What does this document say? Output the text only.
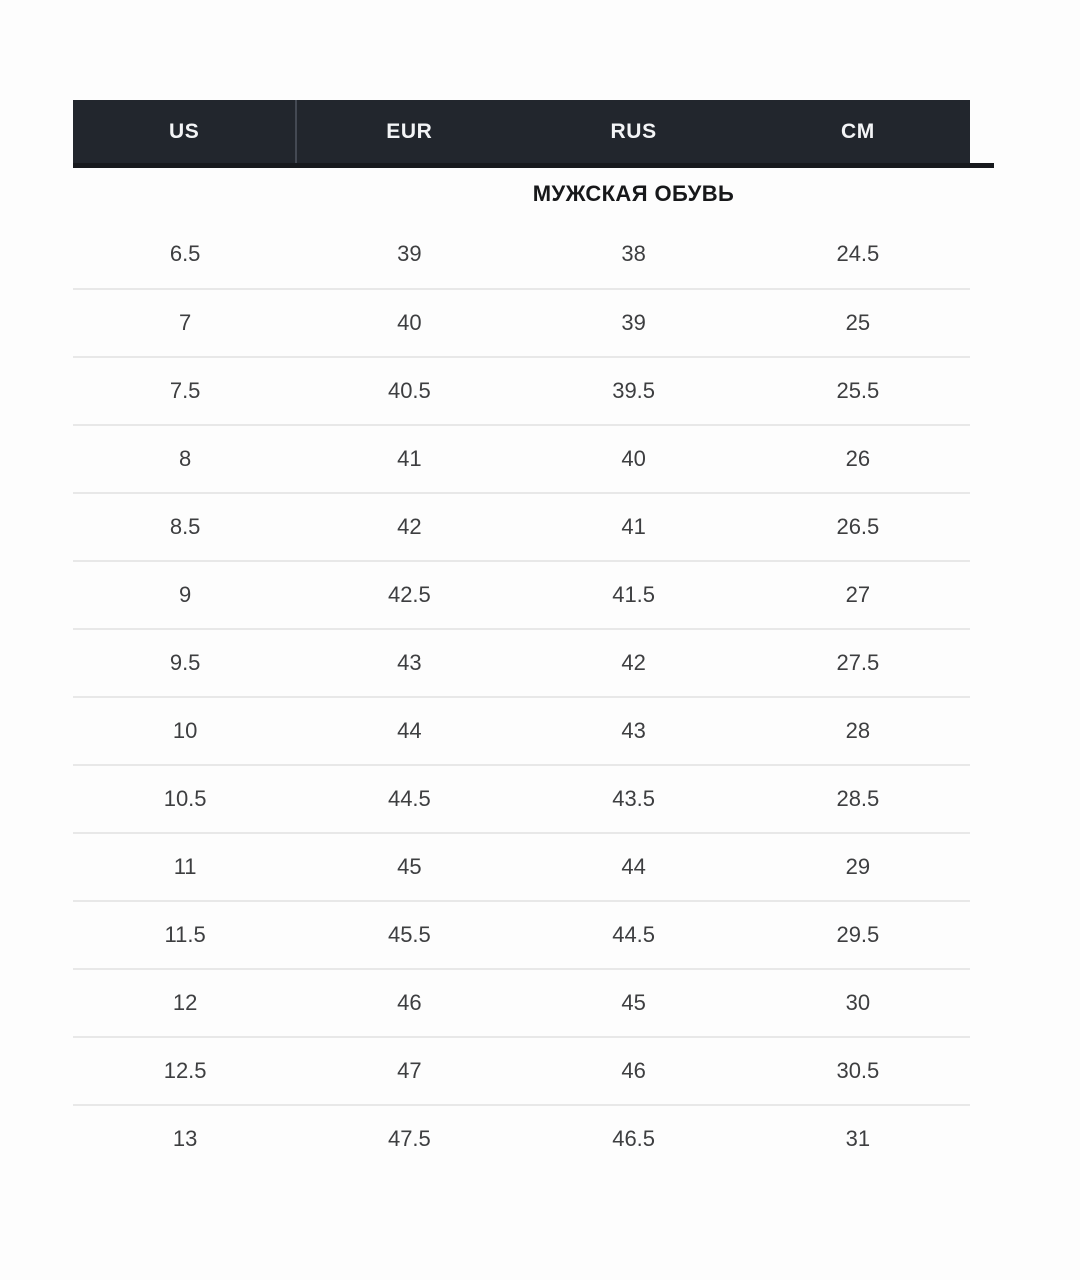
US	EUR	RUS	CM
МУЖСКАЯ ОБУВЬ
6.5	39	38	24.5
7	40	39	25
7.5	40.5	39.5	25.5
8	41	40	26
8.5	42	41	26.5
9	42.5	41.5	27
9.5	43	42	27.5
10	44	43	28
10.5	44.5	43.5	28.5
11	45	44	29
11.5	45.5	44.5	29.5
12	46	45	30
12.5	47	46	30.5
13	47.5	46.5	31
